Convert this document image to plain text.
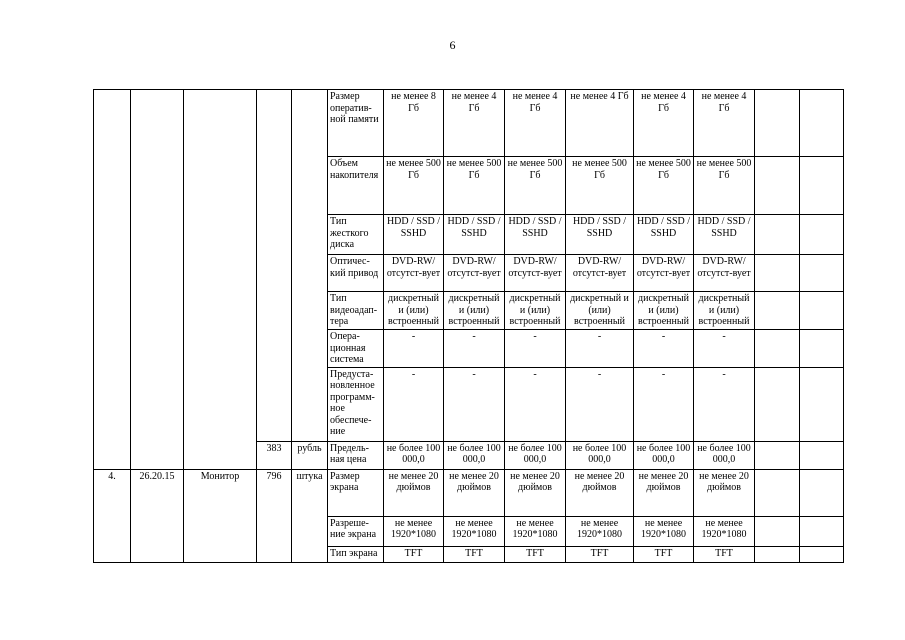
6
					Размер оператив-ной памяти	не менее 8 Гб	не менее 4 Гб	не менее 4 Гб	не менее 4 Гб	не менее 4 Гб	не менее 4 Гб		
					Объем накопителя	не менее 500 Гб	не менее 500 Гб	не менее 500 Гб	не менее 500 Гб	не менее 500 Гб	не менее 500 Гб		
					Тип жесткого диска	HDD / SSD / SSHD	HDD / SSD / SSHD	HDD / SSD / SSHD	HDD / SSD / SSHD	HDD / SSD / SSHD	HDD / SSD / SSHD		
					Оптичес-кий привод	DVD-RW/отсутст-вует	DVD-RW/отсутст-вует	DVD-RW/отсутст-вует	DVD-RW/отсутст-вует	DVD-RW/отсутст-вует	DVD-RW/отсутст-вует		
					Тип видеоадап-тера	дискретный и (или) встроенный	дискретный и (или) встроенный	дискретный и (или) встроенный	дискретный и (или) встроенный	дискретный и (или) встроенный	дискретный и (или) встроенный		
					Опера-ционная система	-	-	-	-	-	-		
					Предуста-новленное программ-ное обеспече-ние	-	-	-	-	-	-		
			383	рубль	Предель-ная цена	не более 100 000,0	не более 100 000,0	не более 100 000,0	не более 100 000,0	не более 100 000,0	не более 100 000,0		
4.	26.20.15	Монитор	796	штука	Размер экрана	не менее 20 дюймов	не менее 20 дюймов	не менее 20 дюймов	не менее 20 дюймов	не менее 20 дюймов	не менее 20 дюймов		
					Разреше-ние экрана	не менее 1920*1080	не менее 1920*1080	не менее 1920*1080	не менее 1920*1080	не менее 1920*1080	не менее 1920*1080		
					Тип экрана	TFT	TFT	TFT	TFT	TFT	TFT		
